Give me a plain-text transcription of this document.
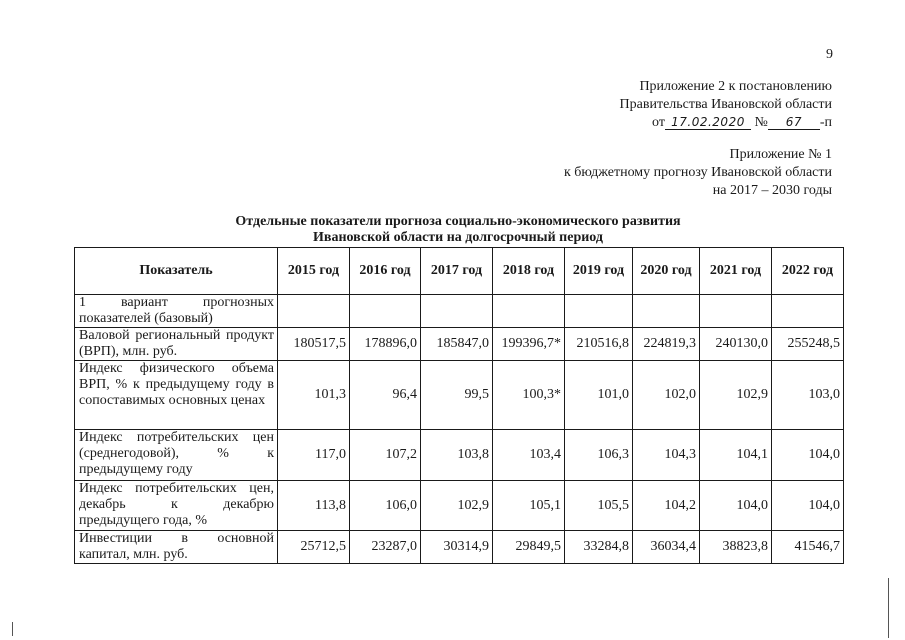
9
Приложение 2 к постановлению
Правительства Ивановской области
от 17.02.2020 № 67 -п
Приложение № 1
к бюджетному прогнозу Ивановской области
на 2017 – 2030 годы
Отдельные показатели прогноза социально-экономического развития
Ивановской области на долгосрочный период
Показатель	2015 год	2016 год	2017 год	2018 год	2019 год	2020 год	2021 год	2022 год
1 вариант прогнозных показателей (базовый)								
Валовой региональный продукт (ВРП), млн. руб.	180517,5	178896,0	185847,0	199396,7*	210516,8	224819,3	240130,0	255248,5
Индекс физического объема ВРП, % к предыдущему году в сопоставимых основных ценах	101,3	96,4	99,5	100,3*	101,0	102,0	102,9	103,0
Индекс потребительских цен (среднегодовой), % к предыдущему году	117,0	107,2	103,8	103,4	106,3	104,3	104,1	104,0
Индекс потребительских цен, декабрь к декабрю предыдущего года, %	113,8	106,0	102,9	105,1	105,5	104,2	104,0	104,0
Инвестиции в основной капитал, млн. руб.	25712,5	23287,0	30314,9	29849,5	33284,8	36034,4	38823,8	41546,7
